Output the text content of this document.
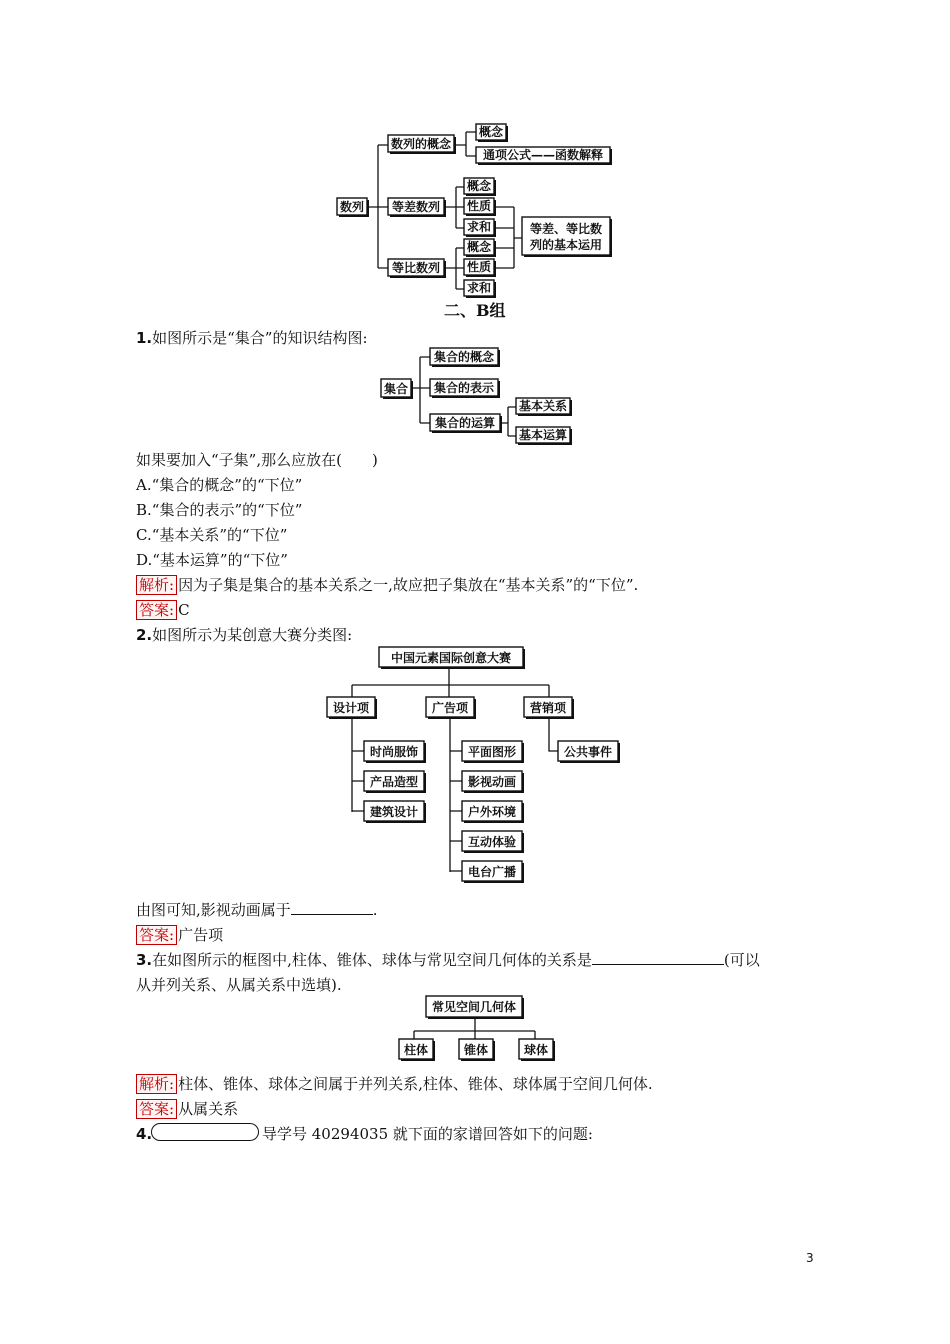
数列
数列的概念
等差数列
等比数列
概念
通项公式——函数解释
概念
性质
求和
概念
性质
求和
等差、等比数
列的基本运用
二、B组
1.如图所示是“集合”的知识结构图:
集合
集合的概念
集合的表示
集合的运算
基本关系
基本运算
如果要加入“子集”,那么应放在(　　)
A.“集合的概念”的“下位”
B.“集合的表示”的“下位”
C.“基本关系”的“下位”
D.“基本运算”的“下位”
解析: 因为子集是集合的基本关系之一,故应把子集放在“基本关系”的“下位”.
答案: C
2.如图所示为某创意大赛分类图:
中国元素国际创意大赛
设计项	广告项	营销项
时尚服饰
产品造型
建筑设计
平面图形
影视动画
户外环境
互动体验
电台广播
公共事件
由图可知,影视动画属于	.
答案: 广告项
3.在如图所示的框图中,柱体、锥体、球体与常见空间几何体的关系是	(可以
从并列关系、从属关系中选填).
常见空间几何体
柱体	锥体	球体
解析: 柱体、锥体、球体之间属于并列关系,柱体、锥体、球体属于空间几何体.
答案: 从属关系
4.	导学号 40294035 就下面的家谱回答如下的问题:
3
